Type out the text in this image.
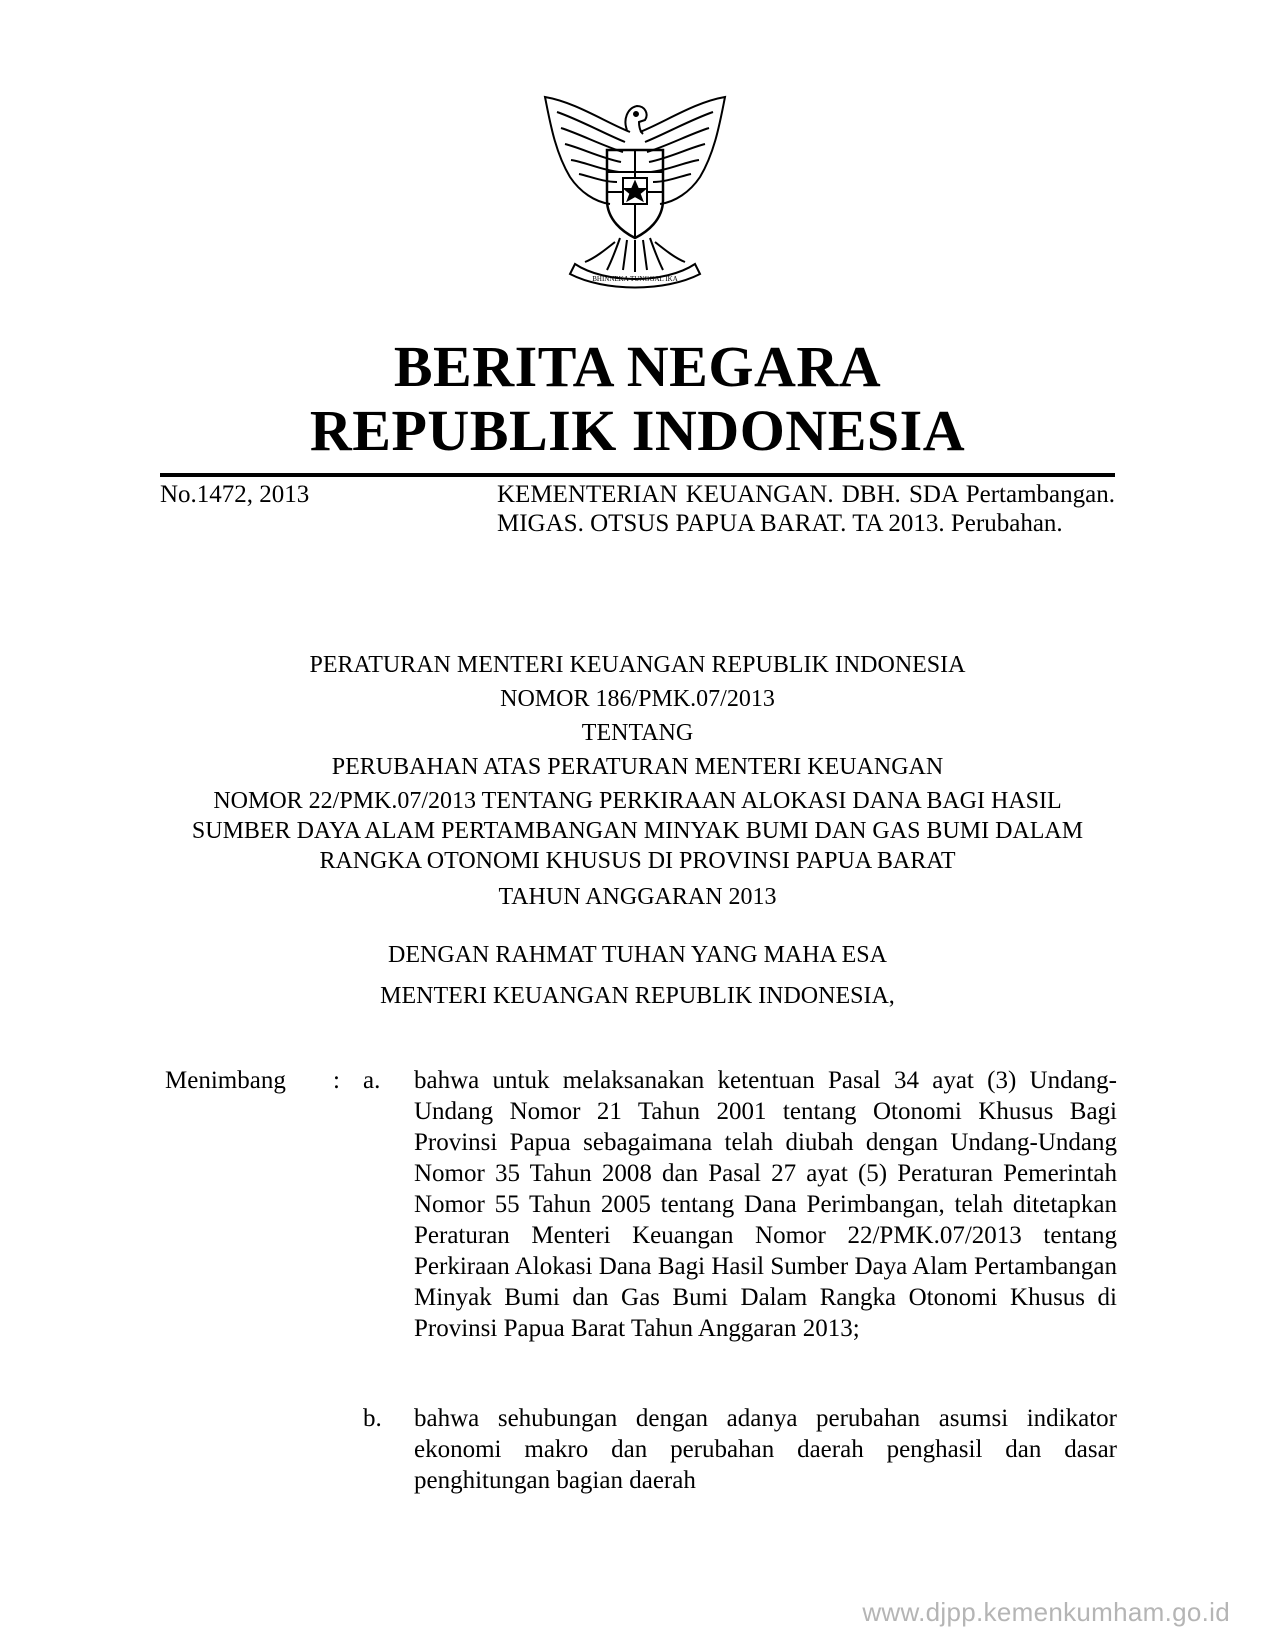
BHINNEKA TUNGGAL IKA
BERITA NEGARA
REPUBLIK INDONESIA
No.1472, 2013	KEMENTERIAN KEUANGAN. DBH. SDA Pertambangan. MIGAS. OTSUS PAPUA BARAT. TA 2013. Perubahan.
PERATURAN MENTERI KEUANGAN REPUBLIK INDONESIA
NOMOR 186/PMK.07/2013
TENTANG
PERUBAHAN ATAS PERATURAN MENTERI KEUANGAN
NOMOR 22/PMK.07/2013 TENTANG PERKIRAAN ALOKASI DANA BAGI HASIL SUMBER DAYA ALAM PERTAMBANGAN MINYAK BUMI DAN GAS BUMI DALAM RANGKA OTONOMI KHUSUS DI PROVINSI PAPUA BARAT
TAHUN ANGGARAN 2013
DENGAN RAHMAT TUHAN YANG MAHA ESA
MENTERI KEUANGAN REPUBLIK INDONESIA,
Menimbang : a. bahwa untuk melaksanakan ketentuan Pasal 34 ayat (3) Undang-Undang Nomor 21 Tahun 2001 tentang Otonomi Khusus Bagi Provinsi Papua sebagaimana telah diubah dengan Undang-Undang Nomor 35 Tahun 2008 dan Pasal 27 ayat (5) Peraturan Pemerintah Nomor 55 Tahun 2005 tentang Dana Perimbangan, telah ditetapkan Peraturan Menteri Keuangan Nomor 22/PMK.07/2013 tentang Perkiraan Alokasi Dana Bagi Hasil Sumber Daya Alam Pertambangan Minyak Bumi dan Gas Bumi Dalam Rangka Otonomi Khusus di Provinsi Papua Barat Tahun Anggaran 2013;
b. bahwa sehubungan dengan adanya perubahan asumsi indikator ekonomi makro dan perubahan daerah penghasil dan dasar penghitungan bagian daerah
www.djpp.kemenkumham.go.id
